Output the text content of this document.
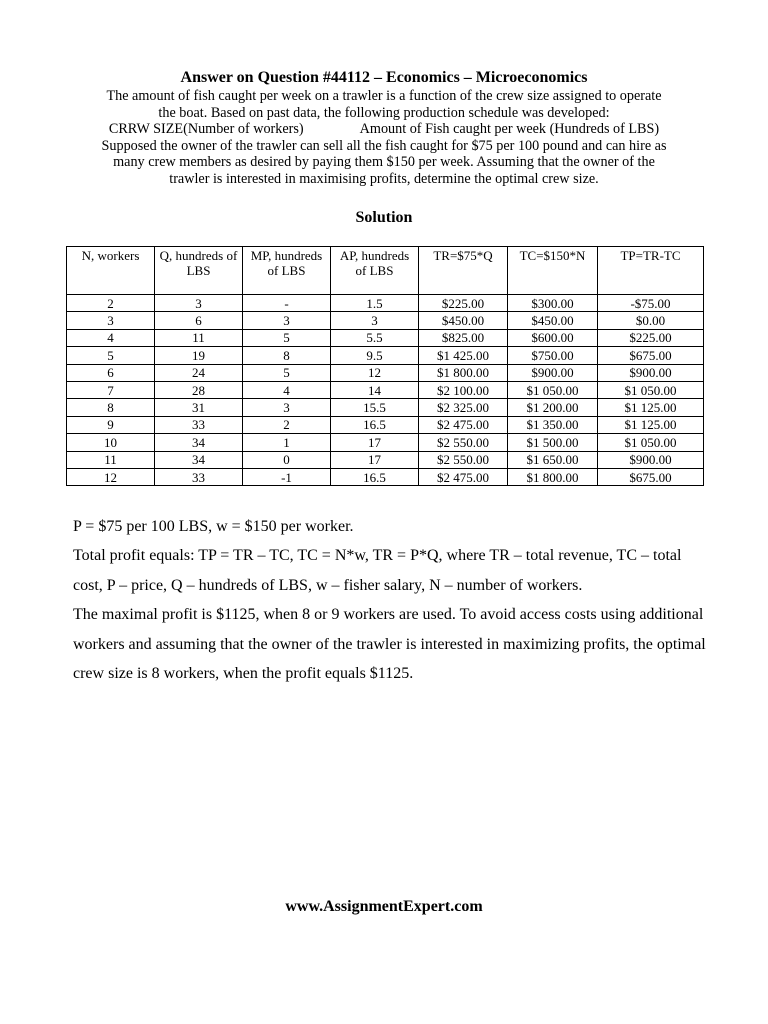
Answer on Question #44112 – Economics – Microeconomics
The amount of fish caught per week on a trawler is a function of the crew size assigned to operate
the boat. Based on past data, the following production schedule was developed:
CRRW SIZE(Number of workers)	Amount of Fish caught per week (Hundreds of LBS)
Supposed the owner of the trawler can sell all the fish caught for $75 per 100 pound and can hire as
many crew members as desired by paying them $150 per week. Assuming that the owner of the
trawler is interested in maximising profits, determine the optimal crew size.
Solution
N, workers	Q, hundreds of LBS	MP, hundreds of LBS	AP, hundreds of LBS	TR=$75*Q	TC=$150*N	TP=TR-TC
2	3	-	1.5	$225.00	$300.00	-$75.00
3	6	3	3	$450.00	$450.00	$0.00
4	11	5	5.5	$825.00	$600.00	$225.00
5	19	8	9.5	$1 425.00	$750.00	$675.00
6	24	5	12	$1 800.00	$900.00	$900.00
7	28	4	14	$2 100.00	$1 050.00	$1 050.00
8	31	3	15.5	$2 325.00	$1 200.00	$1 125.00
9	33	2	16.5	$2 475.00	$1 350.00	$1 125.00
10	34	1	17	$2 550.00	$1 500.00	$1 050.00
11	34	0	17	$2 550.00	$1 650.00	$900.00
12	33	-1	16.5	$2 475.00	$1 800.00	$675.00

P = $75 per 100 LBS, w = $150 per worker.

Total profit equals: TP = TR – TC, TC = N*w, TR = P*Q, where TR – total revenue, TC – total cost, P – price, Q – hundreds of LBS, w – fisher salary, N – number of workers.

The maximal profit is $1125, when 8 or 9 workers are used. To avoid access costs using additional workers and assuming that the owner of the trawler is interested in maximizing profits, the optimal crew size is 8 workers, when the profit equals $1125.

www.AssignmentExpert.com
